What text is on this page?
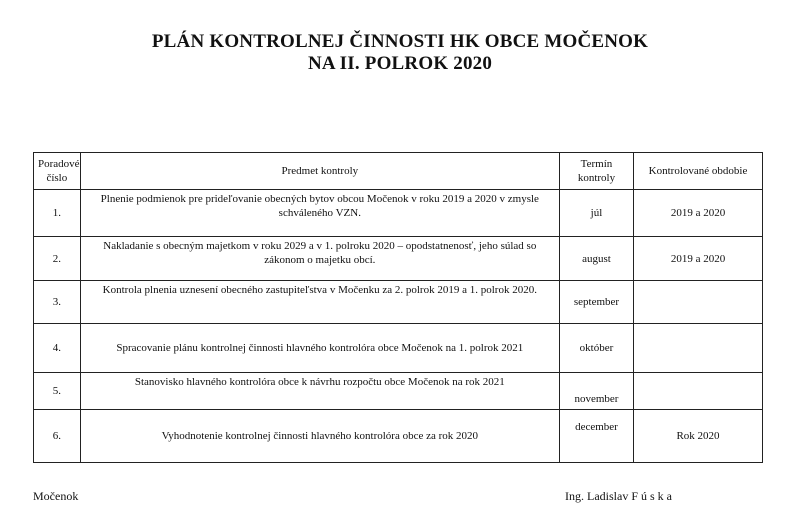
PLÁN KONTROLNEJ ČINNOSTI HK OBCE MOČENOK
NA II. POLROK 2020
Poradové číslo	Predmet kontroly	Termín kontroly	Kontrolované obdobie
1.	Plnenie podmienok pre prideľovanie obecných bytov obcou Močenok v roku 2019 a 2020 v zmysle schváleného VZN.	júl	2019 a 2020
2.	Nakladanie s obecným majetkom v roku 2029 a v 1. polroku 2020 – opodstatnenosť, jeho súlad so zákonom o majetku obcí.	august	2019 a 2020
3.	Kontrola plnenia uznesení obecného zastupiteľstva v Močenku za 2. polrok 2019 a 1. polrok 2020.	september	
4.	Spracovanie plánu kontrolnej činnosti hlavného kontrolóra obce Močenok na 1. polrok 2021	október	
5.	Stanovisko hlavného kontrolóra obce k návrhu rozpočtu obce Močenok na rok 2021	november	
6.	Vyhodnotenie kontrolnej činnosti hlavného kontrolóra obce za rok 2020	december	Rok 2020
Močenok	Ing. Ladislav F ú s k a
